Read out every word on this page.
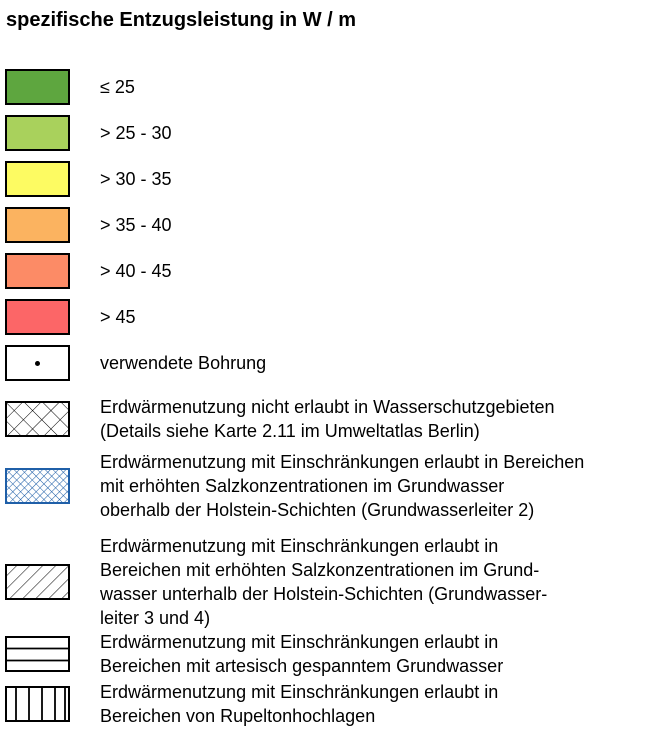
spezifische Entzugsleistung in W / m
≤ 25
> 25 - 30
> 30 - 35
> 35 - 40
> 40 - 45
> 45
verwendete Bohrung
Erdwärmenutzung nicht erlaubt in Wasserschutzgebieten
(Details siehe Karte 2.11 im Umweltatlas Berlin)
Erdwärmenutzung mit Einschränkungen erlaubt in Bereichen
mit erhöhten Salzkonzentrationen im Grundwasser
oberhalb der Holstein-Schichten (Grundwasserleiter 2)
Erdwärmenutzung mit Einschränkungen erlaubt in
Bereichen mit erhöhten Salzkonzentrationen im Grund-
wasser unterhalb der Holstein-Schichten (Grundwasser-
leiter 3 und 4)
Erdwärmenutzung mit Einschränkungen erlaubt in
Bereichen mit artesisch gespanntem Grundwasser
Erdwärmenutzung mit Einschränkungen erlaubt in
Bereichen von Rupeltonhochlagen
